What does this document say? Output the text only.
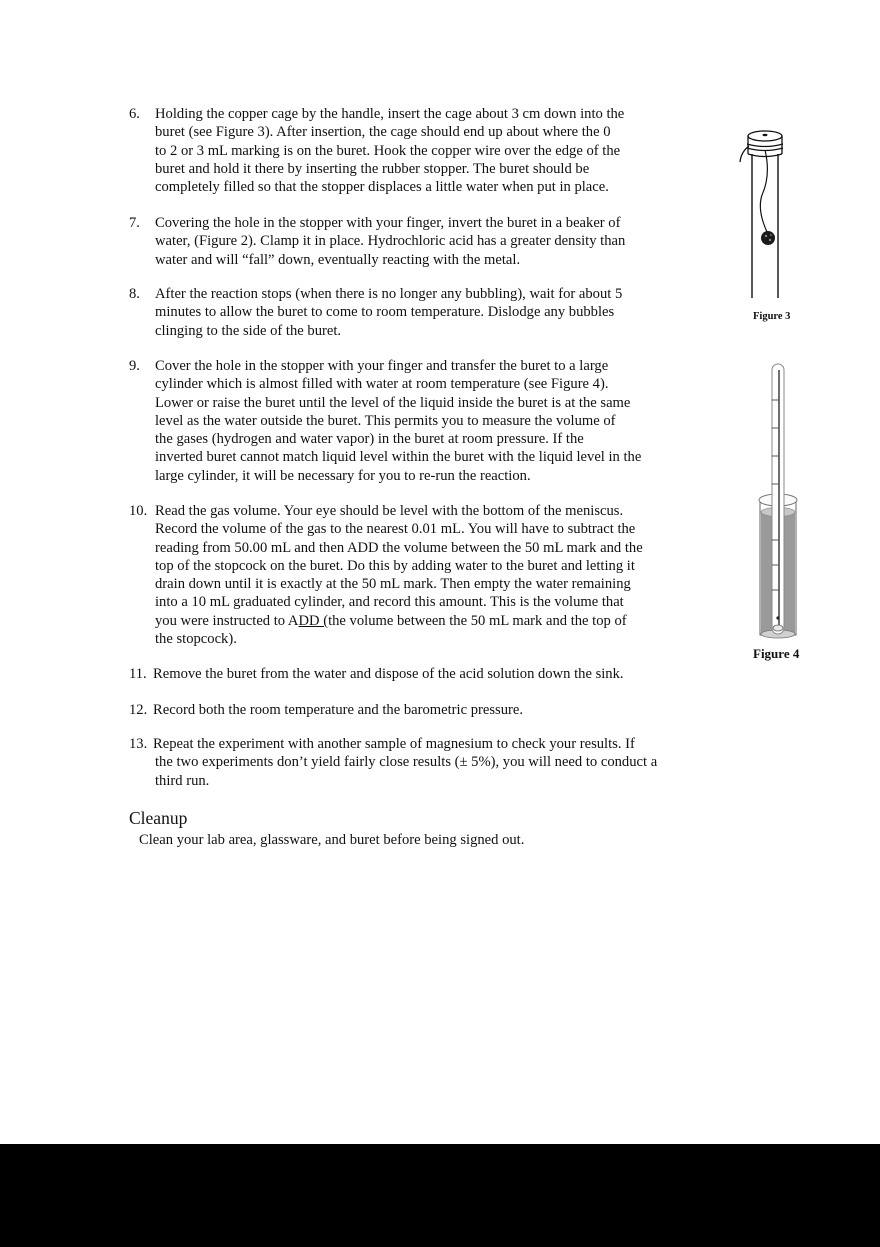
6. Holding the copper cage by the handle, insert the cage about 3 cm down into the
buret (see Figure 3). After insertion, the cage should end up about where the 0
to 2 or 3 mL marking is on the buret. Hook the copper wire over the edge of the
buret and hold it there by inserting the rubber stopper. The buret should be
completely filled so that the stopper displaces a little water when put in place.
7. Covering the hole in the stopper with your finger, invert the buret in a beaker of
water, (Figure 2). Clamp it in place. Hydrochloric acid has a greater density than
water and will “fall” down, eventually reacting with the metal.
8. After the reaction stops (when there is no longer any bubbling), wait for about 5
minutes to allow the buret to come to room temperature. Dislodge any bubbles
clinging to the side of the buret.
9. Cover the hole in the stopper with your finger and transfer the buret to a large
cylinder which is almost filled with water at room temperature (see Figure 4).
Lower or raise the buret until the level of the liquid inside the buret is at the same
level as the water outside the buret. This permits you to measure the volume of
the gases (hydrogen and water vapor) in the buret at room pressure. If the
inverted buret cannot match liquid level within the buret with the liquid level in the
large cylinder, it will be necessary for you to re-run the reaction.
10. Read the gas volume. Your eye should be level with the bottom of the meniscus.
Record the volume of the gas to the nearest 0.01 mL. You will have to subtract the
reading from 50.00 mL and then ADD the volume between the 50 mL mark and the
top of the stopcock on the buret. Do this by adding water to the buret and letting it
drain down until it is exactly at the 50 mL mark. Then empty the water remaining
into a 10 mL graduated cylinder, and record this amount. This is the volume that
you were instructed to ADD (the volume between the 50 mL mark and the top of
the stopcock).
11. Remove the buret from the water and dispose of the acid solution down the sink.
12. Record both the room temperature and the barometric pressure.
13. Repeat the experiment with another sample of magnesium to check your results. If
the two experiments don’t yield fairly close results (± 5%), you will need to conduct a
third run.
Cleanup
Clean your lab area, glassware, and buret before being signed out.
Figure 3
Figure 4
